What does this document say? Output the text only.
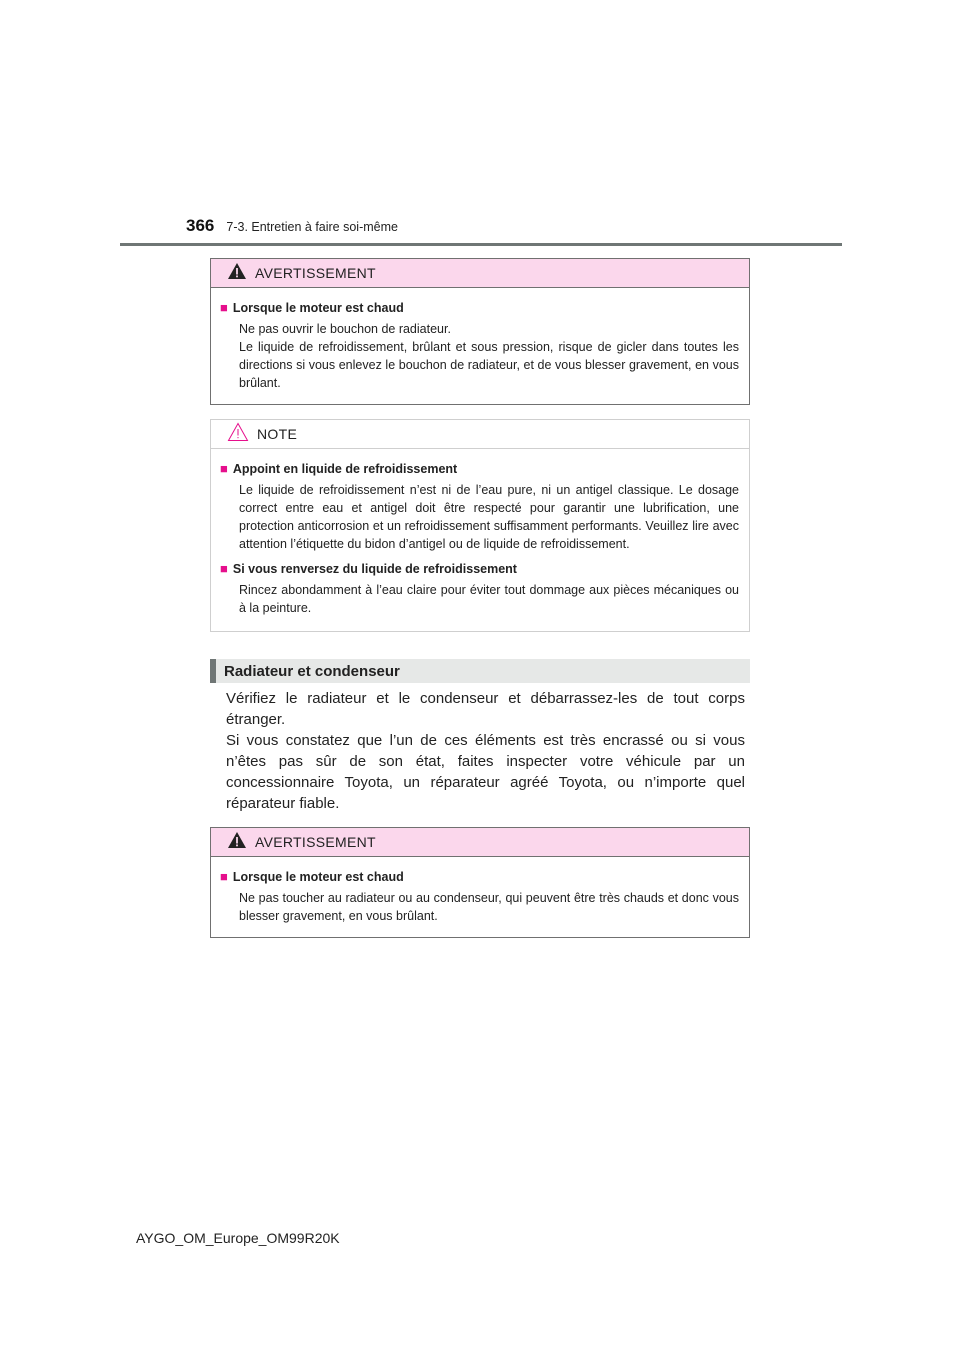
366 7-3. Entretien à faire soi-même
AVERTISSEMENT
■ Lorsque le moteur est chaud

Ne pas ouvrir le bouchon de radiateur.

Le liquide de refroidissement, brûlant et sous pression, risque de gicler dans toutes les directions si vous enlevez le bouchon de radiateur, et de vous blesser gravement, en vous brûlant.

NOTE
■ Appoint en liquide de refroidissement
Le liquide de refroidissement n’est ni de l’eau pure, ni un antigel classique. Le dosage correct entre eau et antigel doit être respecté pour garantir une lubrification, une protection anticorrosion et un refroidissement suffisamment performants. Veuillez lire avec attention l’étiquette du bidon d’antigel ou de liquide de refroidissement.
■ Si vous renversez du liquide de refroidissement
Rincez abondamment à l’eau claire pour éviter tout dommage aux pièces mécaniques ou à la peinture.
Radiateur et condenseur

Vérifiez le radiateur et le condenseur et débarrassez-les de tout corps étranger.

Si vous constatez que l’un de ces éléments est très encrassé ou si vous n’êtes pas sûr de son état, faites inspecter votre véhicule par un concessionnaire Toyota, un réparateur agréé Toyota, ou n’importe quel réparateur fiable.

AVERTISSEMENT
■ Lorsque le moteur est chaud
Ne pas toucher au radiateur ou au condenseur, qui peuvent être très chauds et donc vous blesser gravement, en vous brûlant.
AYGO_OM_Europe_OM99R20K
